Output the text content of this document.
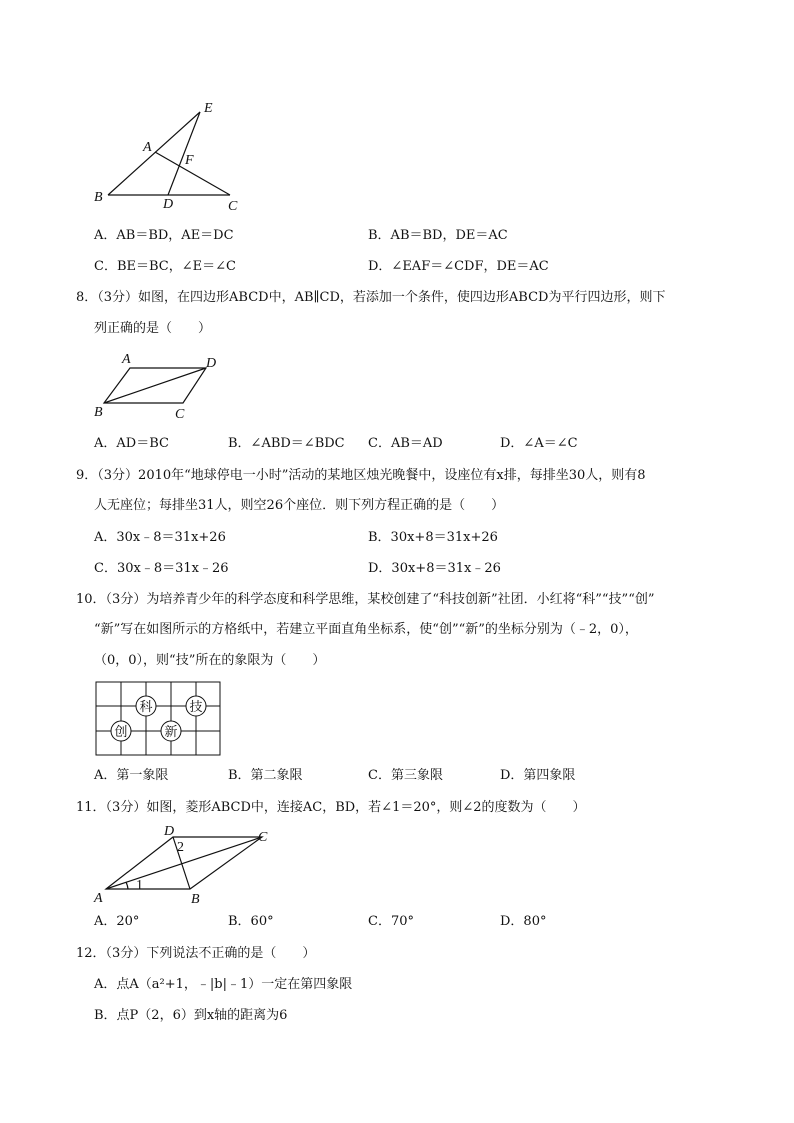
E
A
F
B	D	C
A．AB＝BD，AE＝DC	B．AB＝BD，DE＝AC
C．BE＝BC，∠E＝∠C	D．∠EAF＝∠CDF，DE＝AC
8．（3分）如图，在四边形ABCD中，AB∥CD，若添加一个条件，使四边形ABCD为平行四边形，则下
列正确的是（　　）
A	D
B	C
A．AD＝BC	B．∠ABD＝∠BDC C．AB＝AD	D．∠A＝∠C
9．（3分）2010年“地球停电一小时”活动的某地区烛光晚餐中，设座位有x排，每排坐30人，则有8
人无座位；每排坐31人，则空26个座位．则下列方程正确的是（　　）
A．30x﹣8＝31x+26	B．30x+8＝31x+26
C．30x﹣8＝31x﹣26	D．30x+8＝31x﹣26
10．（3分）为培养青少年的科学态度和科学思维，某校创建了“科技创新”社团．小红将“科”“技”“创”
“新”写在如图所示的方格纸中，若建立平面直角坐标系，使“创”“新”的坐标分别为（﹣2，0），
（0，0），则“技”所在的象限为（　　）
科	技
创	新
A．第一象限	B．第二象限	C．第三象限	D．第四象限
11．（3分）如图，菱形ABCD中，连接AC，BD，若∠1＝20°，则∠2的度数为（　　）
D	C
A	B
1
2
A．20°	B．60°	C．70°	D．80°
12．（3分）下列说法不正确的是（　　）
A．点A（a²+1，﹣|b|﹣1）一定在第四象限
B．点P（2，6）到x轴的距离为6
